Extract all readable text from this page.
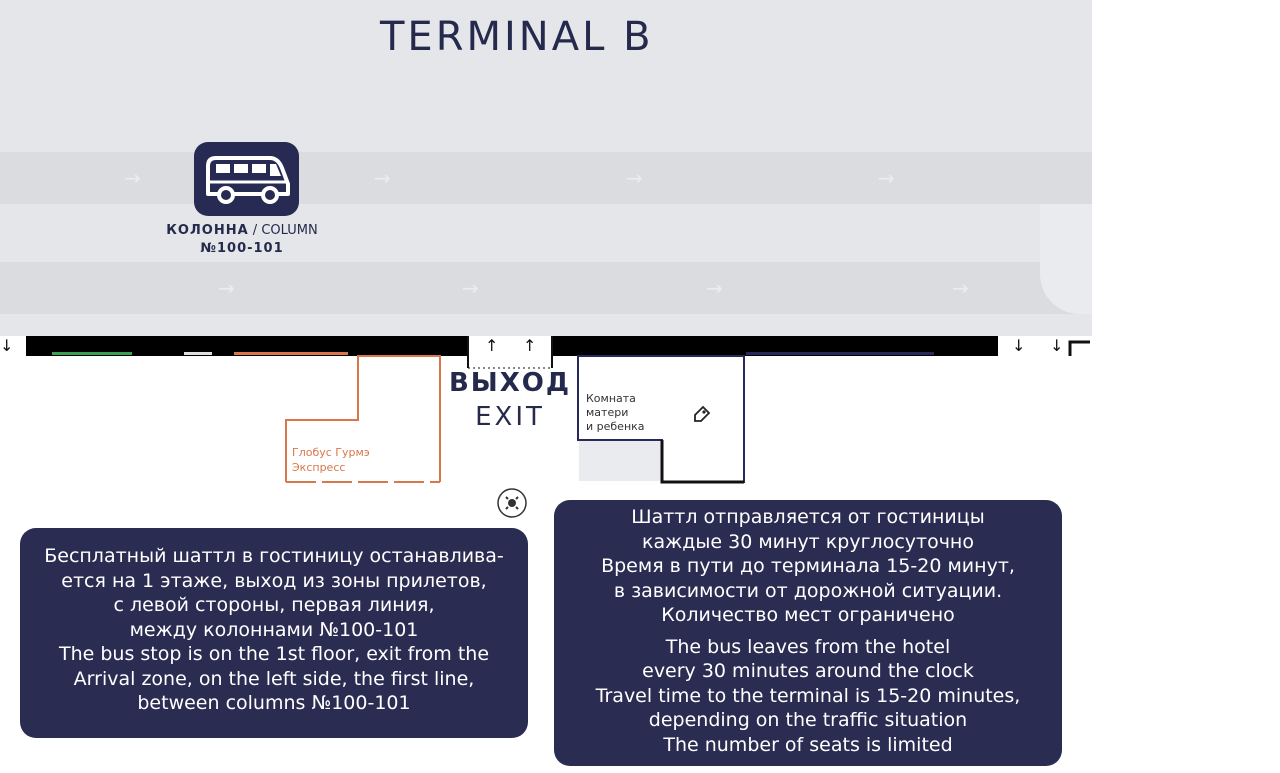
→	→	→	→
→	→	→	→
TERMINAL B
КОЛОННА / COLUMN
№100-101
↓	↑ ↑	↓ ↓
ВЫХОД
EXIT
Глобус Гурмэ
Экспресс
Комната
матери
и ребенка
Бесплатный шаттл в гостиницу останавлива-
ется на 1 этаже, выход из зоны прилетов,
с левой стороны, первая линия,
между колоннами №100-101
The bus stop is on the 1st floor, exit from the
Arrival zone, on the left side, the first line,
between columns №100-101
Шаттл отправляется от гостиницы
каждые 30 минут круглосуточно
Время в пути до терминала 15-20 минут,
в зависимости от дорожной ситуации.
Количество мест ограничено
The bus leaves from the hotel
every 30 minutes around the clock
Travel time to the terminal is 15-20 minutes,
depending on the traffic situation
The number of seats is limited
